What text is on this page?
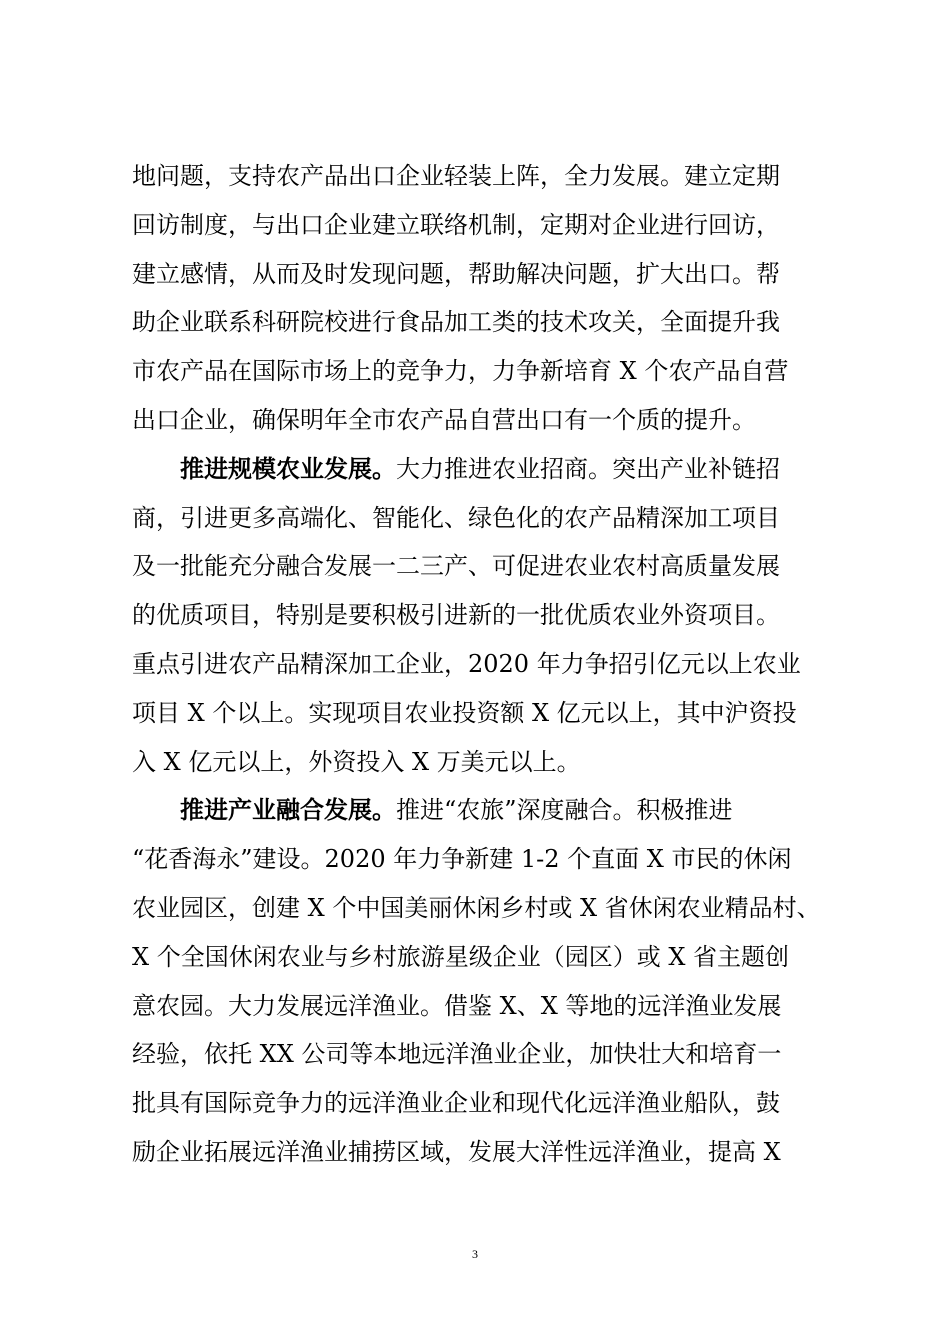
地问题，支持农产品出口企业轻装上阵，全力发展。建立定期
回访制度，与出口企业建立联络机制，定期对企业进行回访，
建立感情，从而及时发现问题，帮助解决问题，扩大出口。帮
助企业联系科研院校进行食品加工类的技术攻关，全面提升我
市农产品在国际市场上的竞争力，力争新培育 X 个农产品自营
出口企业，确保明年全市农产品自营出口有一个质的提升。
推进规模农业发展。大力推进农业招商。突出产业补链招
商，引进更多高端化、智能化、绿色化的农产品精深加工项目
及一批能充分融合发展一二三产、可促进农业农村高质量发展
的优质项目，特别是要积极引进新的一批优质农业外资项目。
重点引进农产品精深加工企业，2020 年力争招引亿元以上农业
项目 X 个以上。实现项目农业投资额 X 亿元以上，其中沪资投
入 X 亿元以上，外资投入 X 万美元以上。
推进产业融合发展。推进“农旅”深度融合。积极推进
“花香海永”建设。2020 年力争新建 1-2 个直面 X 市民的休闲
农业园区，创建 X 个中国美丽休闲乡村或 X 省休闲农业精品村、
X 个全国休闲农业与乡村旅游星级企业（园区）或 X 省主题创
意农园。大力发展远洋渔业。借鉴 X、X 等地的远洋渔业发展
经验，依托 XX 公司等本地远洋渔业企业，加快壮大和培育一
批具有国际竞争力的远洋渔业企业和现代化远洋渔业船队，鼓
励企业拓展远洋渔业捕捞区域，发展大洋性远洋渔业，提高 X
3
